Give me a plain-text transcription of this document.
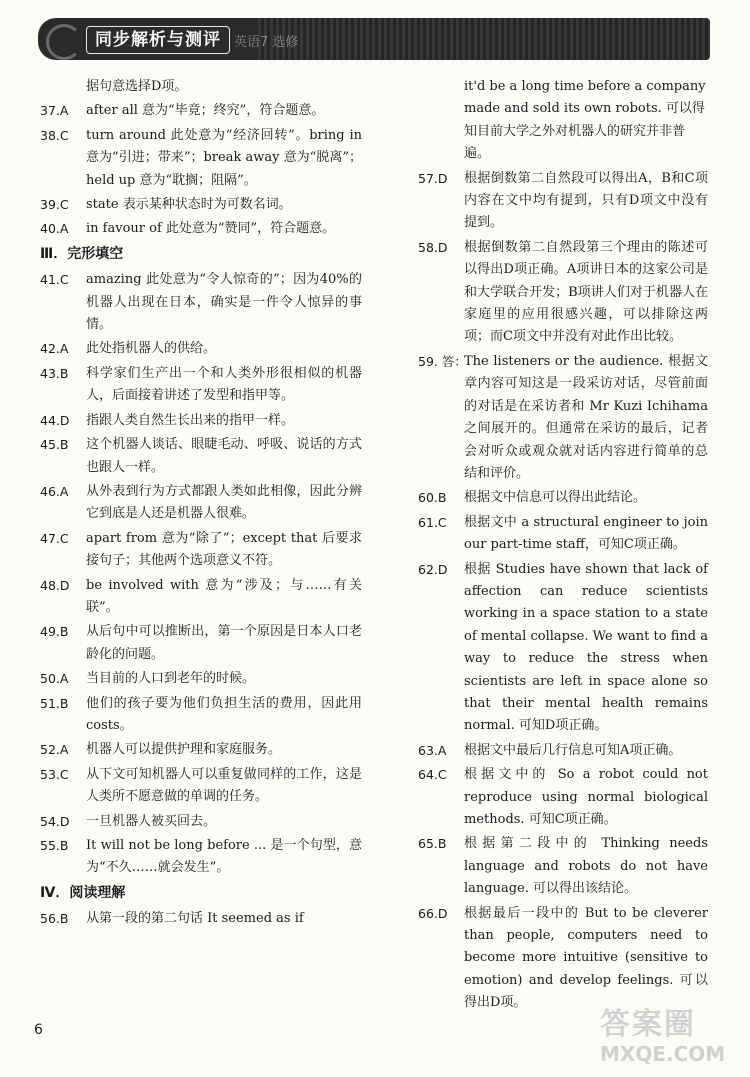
同步解析与测评	英语7 选修
据句意选择D项。
37.A	after all 意为“毕竟；终究”，符合题意。
38.C	turn around 此处意为“经济回转”。bring in 意为“引进；带来”；break away 意为“脱离”；held up 意为“耽搁；阻隔”。
39.C	state 表示某种状态时为可数名词。
40.A	in favour of 此处意为“赞同”，符合题意。
Ⅲ．完形填空
41.C	amazing 此处意为“令人惊奇的”；因为40%的机器人出现在日本，确实是一件令人惊异的事情。
42.A	此处指机器人的供给。
43.B	科学家们生产出一个和人类外形很相似的机器人，后面接着讲述了发型和指甲等。
44.D	指跟人类自然生长出来的指甲一样。
45.B	这个机器人谈话、眼睫毛动、呼吸、说话的方式也跟人一样。
46.A	从外表到行为方式都跟人类如此相像，因此分辨它到底是人还是机器人很难。
47.C	apart from 意为“除了”；except that 后要求接句子；其他两个选项意义不符。
48.D	be involved with 意为“涉及；与……有关联”。
49.B	从后句中可以推断出，第一个原因是日本人口老龄化的问题。
50.A	当目前的人口到老年的时候。
51.B	他们的孩子要为他们负担生活的费用，因此用 costs。
52.A	机器人可以提供护理和家庭服务。
53.C	从下文可知机器人可以重复做同样的工作，这是人类所不愿意做的单调的任务。
54.D	一旦机器人被买回去。
55.B	It will not be long before ... 是一个句型，意为“不久……就会发生”。
Ⅳ．阅读理解
56.B	从第一段的第二句话 It seemed as if
it'd be a long time before a company made and sold its own robots. 可以得知目前大学之外对机器人的研究并非普遍。
57.D	根据倒数第二自然段可以得出A，B和C项内容在文中均有提到，只有D项文中没有提到。
58.D	根据倒数第二自然段第三个理由的陈述可以得出D项正确。A项讲日本的这家公司是和大学联合开发；B项讲人们对于机器人在家庭里的应用很感兴趣，可以排除这两项；而C项文中并没有对此作出比较。
59. 答：
The listeners or the audience. 根据文章内容可知这是一段采访对话，尽管前面的对话是在采访者和 Mr Kuzi Ichihama 之间展开的。但通常在采访的最后，记者会对听众或观众就对话内容进行简单的总结和评价。
60.B	根据文中信息可以得出此结论。
61.C	根据文中 a structural engineer to join our part-time staff，可知C项正确。
62.D	根据 Studies have shown that lack of affection can reduce scientists working in a space station to a state of mental collapse. We want to find a way to reduce the stress when scientists are left in space alone so that their mental health remains normal. 可知D项正确。
63.A	根据文中最后几行信息可知A项正确。
64.C	根据文中的 So a robot could not reproduce using normal biological methods. 可知C项正确。
65.B	根据第二段中的 Thinking needs language and robots do not have language. 可以得出该结论。
66.D	根据最后一段中的 But to be cleverer than people, computers need to become more intuitive (sensitive to emotion) and develop feelings. 可以得出D项。
6	答案圈
MXQE.COM
